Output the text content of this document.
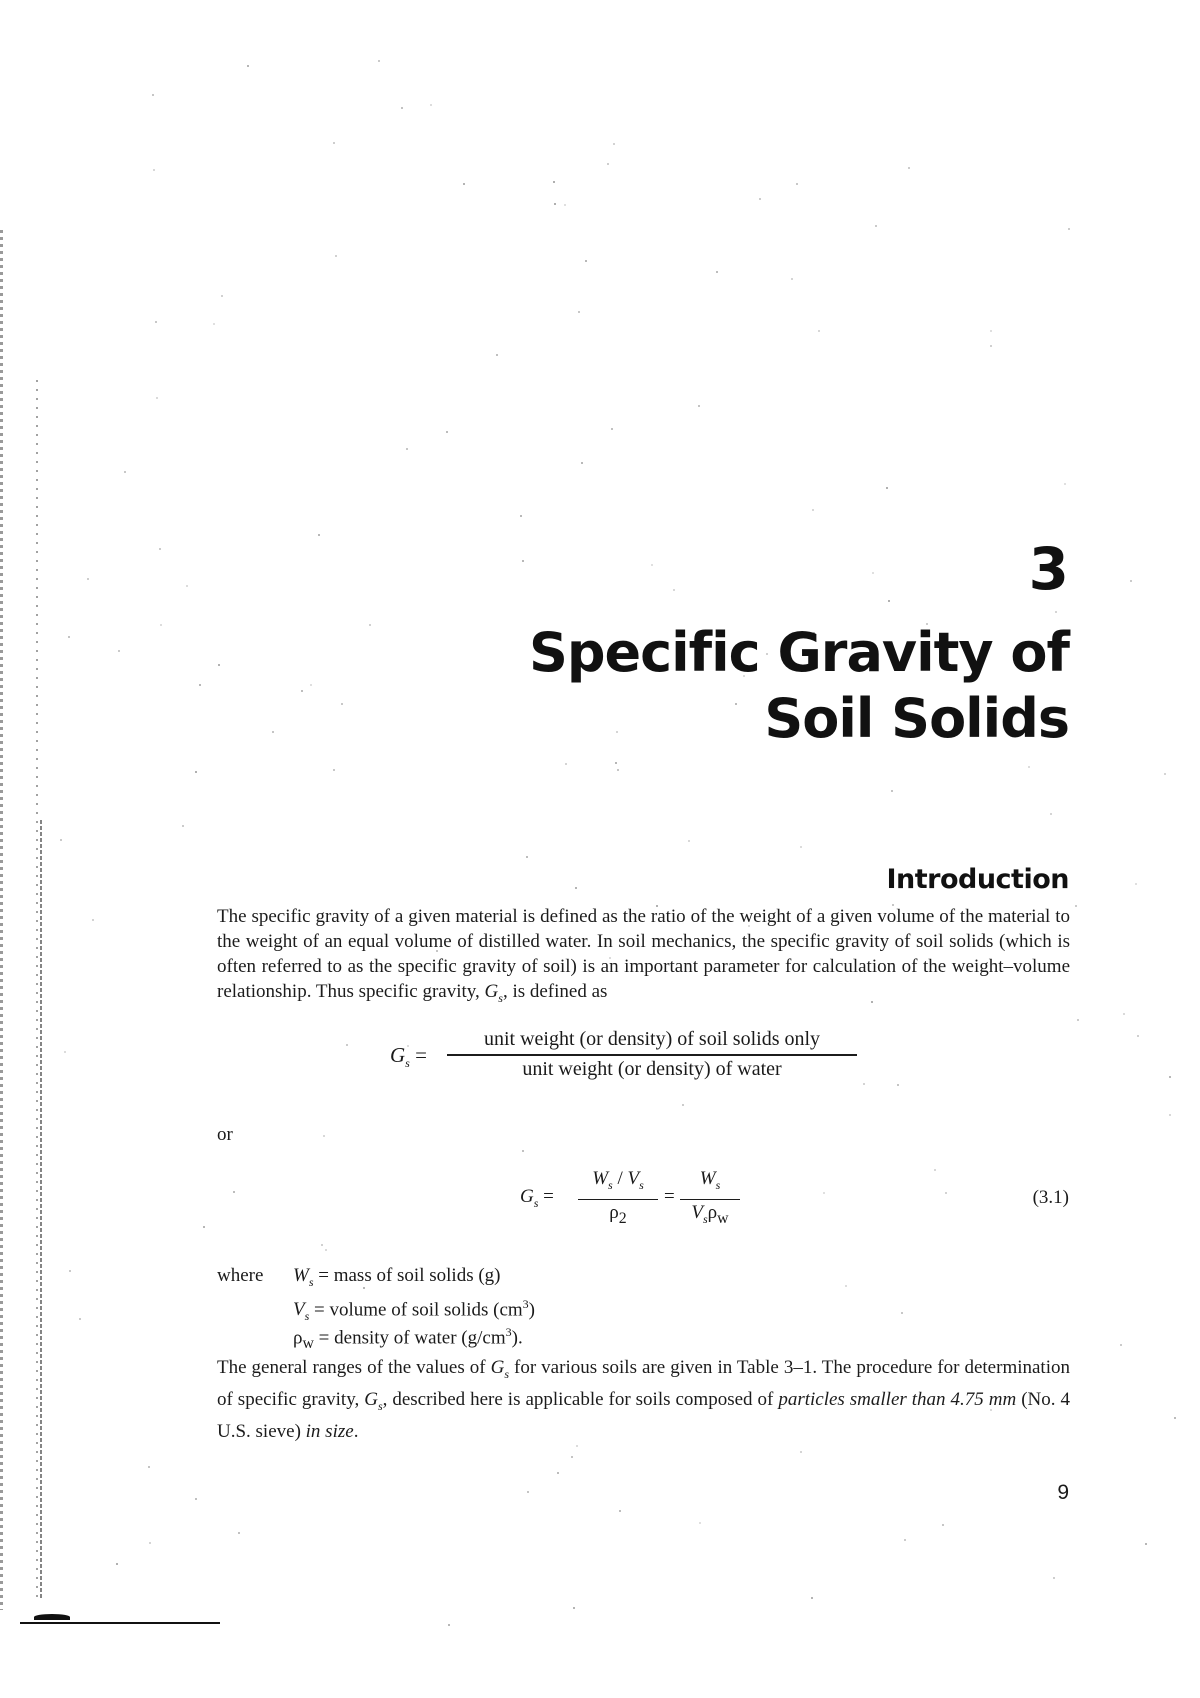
3
Specific Gravity of
Soil Solids
Introduction
The specific gravity of a given material is defined as the ratio of the weight of a given volume of the material to the weight of an equal volume of distilled water. In soil mechanics, the specific gravity of soil solids (which is often referred to as the specific gravity of soil) is an important parameter for calculation of the weight–volume relationship. Thus specific gravity, $G_s$, is defined as
$G_s$ =
unit weight (or density) of soil solids only
unit weight (or density) of water
or
$G_s$ =
$W_s / V_s$
$\rho_2$
=
$W_s$
$V_s\rho_w$
(3.1)
where $W_s$ = mass of soil solids (g)
$V_s$ = volume of soil solids $(cm^3)$
$\rho_w$ = density of water $(g/cm^3)$.
The general ranges of the values of $G_s$ for various soils are given in Table 3–1. The procedure for determination of specific gravity, $G_s$, described here is applicable for soils composed of particles smaller than 4.75 mm (No. 4 U.S. sieve) in size.
9
